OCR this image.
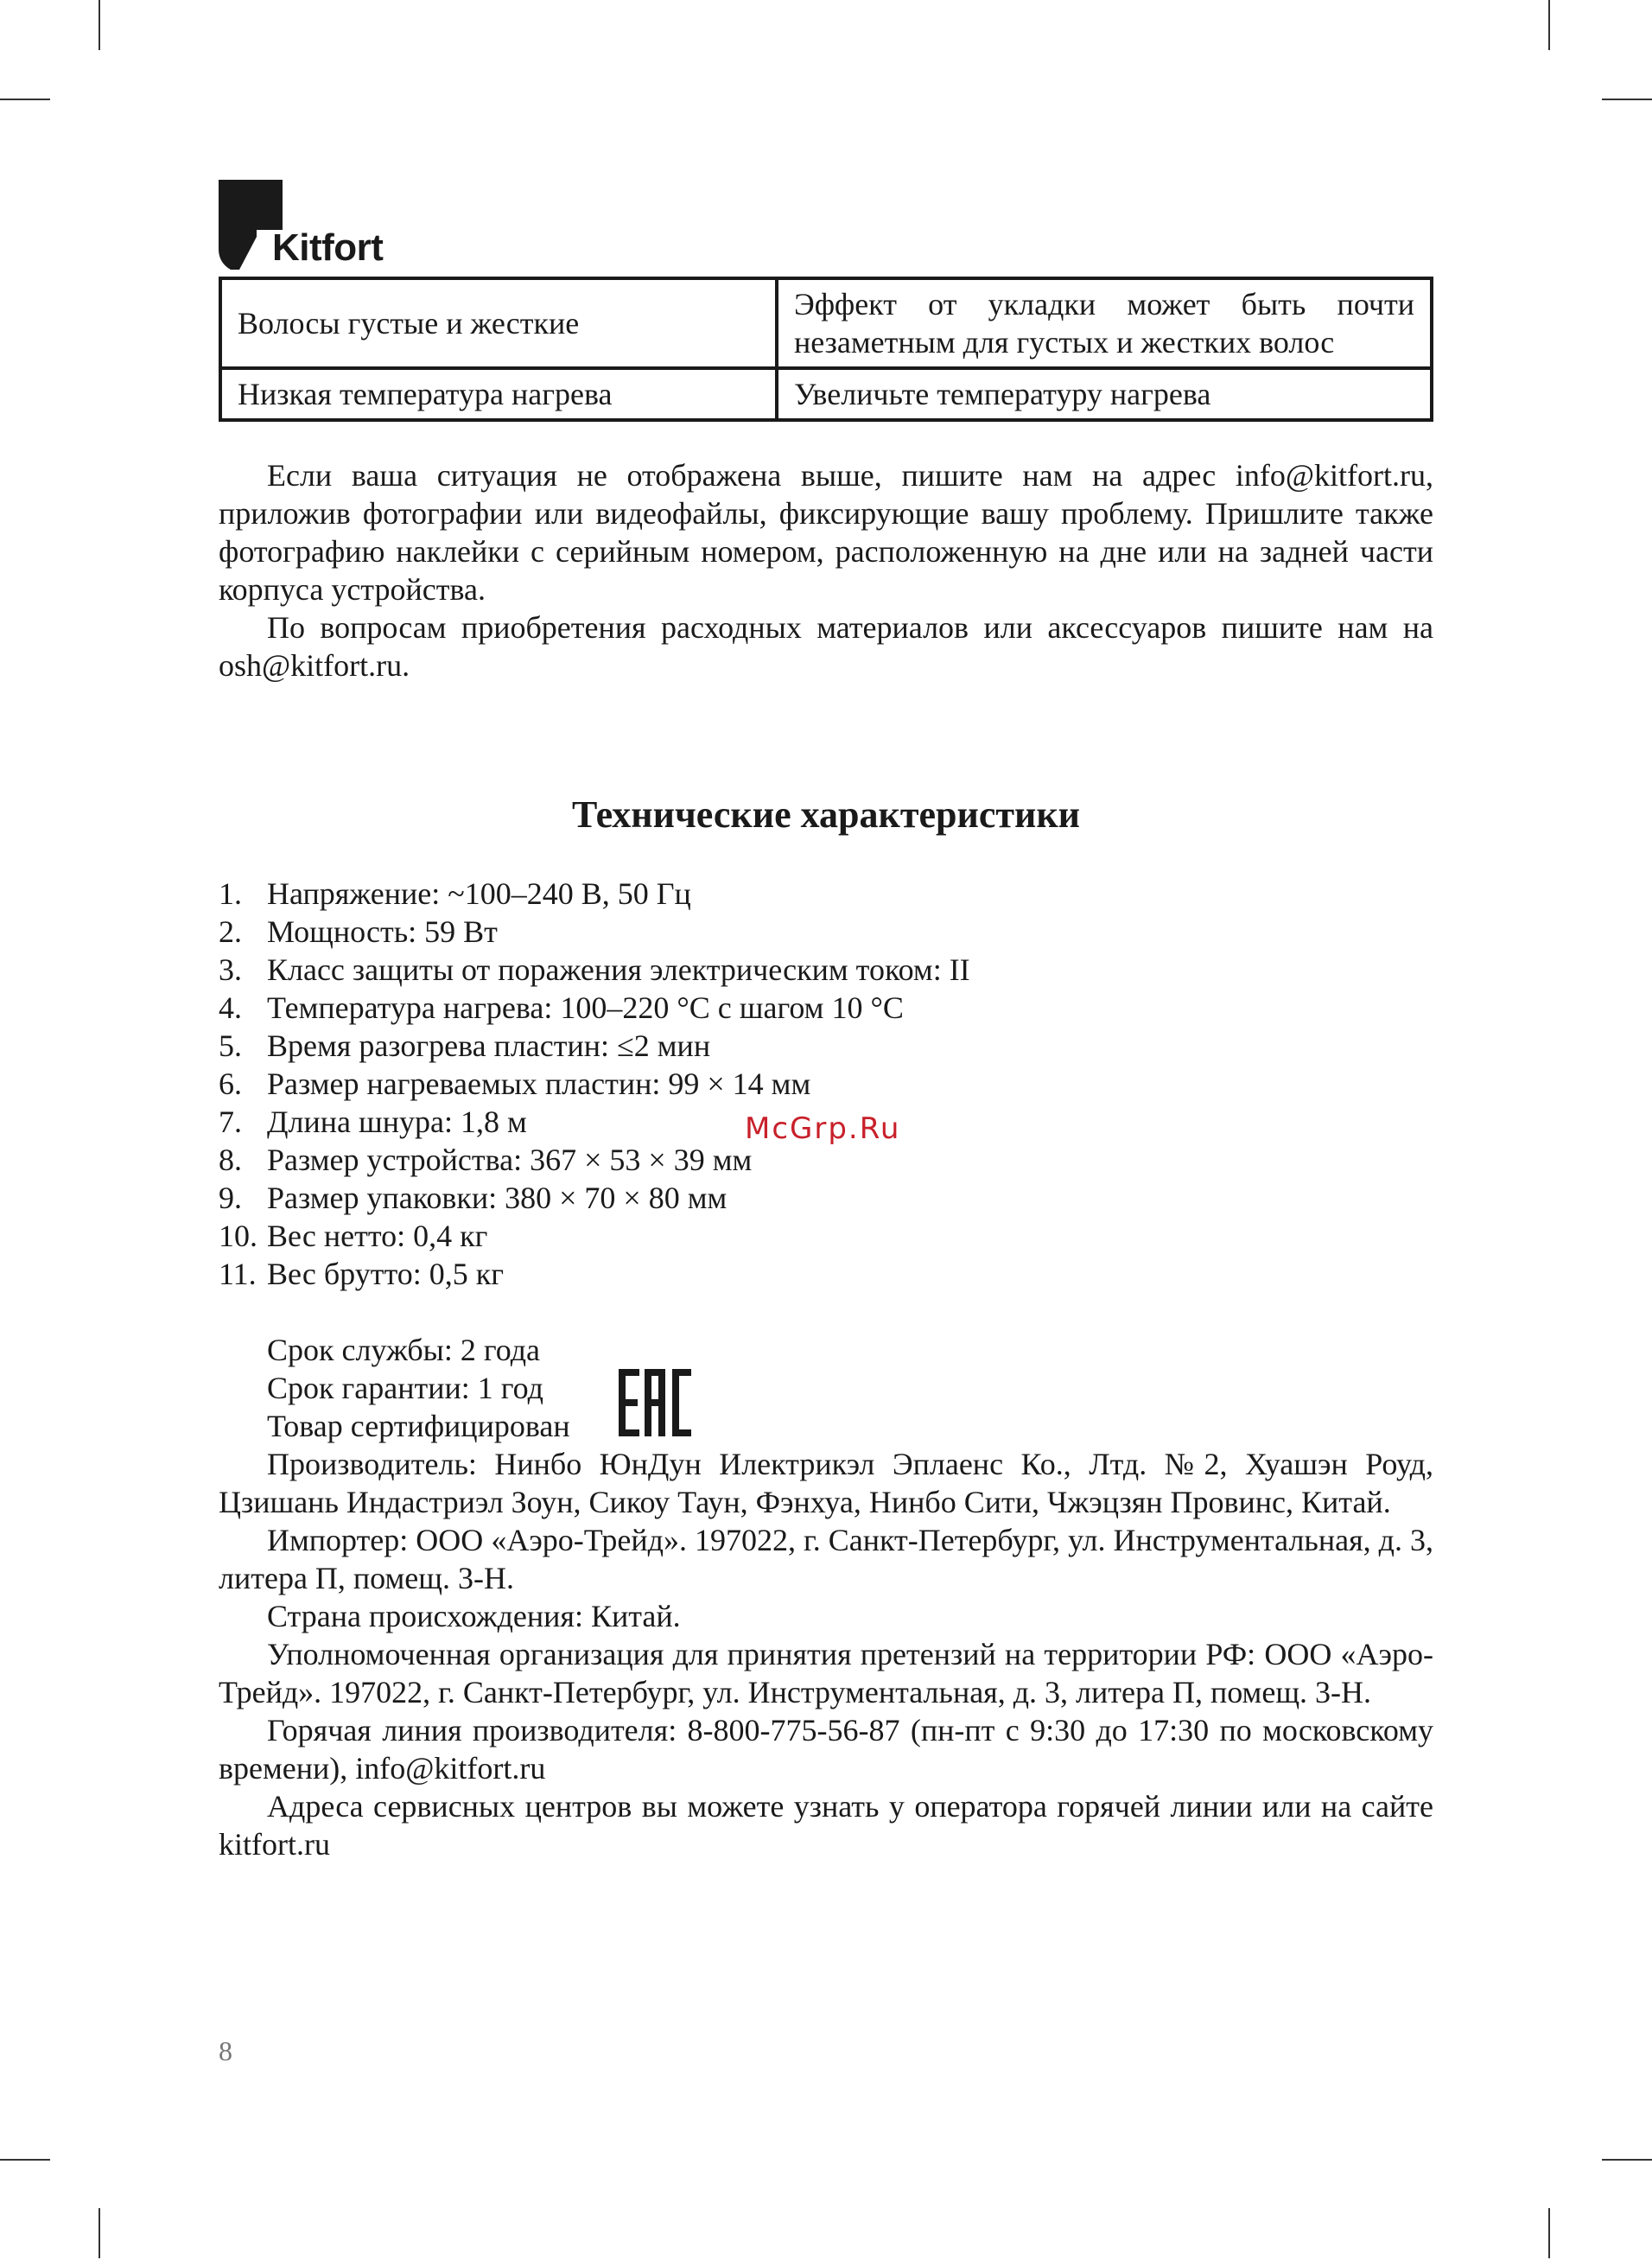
Kitfort
Волосы густые и жесткие	Эффект от укладки может быть почти незаметным для густых и жестких волос
Низкая температура нагрева	Увеличьте температуру нагрева

Если ваша ситуация не отображена выше, пишите нам на адрес info@kitfort.ru, приложив фотографии или видеофайлы, фиксирующие вашу проблему. Пришлите также фотографию наклейки с серийным номером, расположенную на дне или на задней части корпуса устройства.

По вопросам приобретения расходных материалов или аксессуаров пишите нам на osh@kitfort.ru.

Технические характеристики
1. Напряжение: ~100–240 В, 50 Гц
2. Мощность: 59 Вт
3. Класс защиты от поражения электрическим током: II
4. Температура нагрева: 100–220 °C с шагом 10 °C
5. Время разогрева пластин: ≤2 мин
6. Размер нагреваемых пластин: 99 × 14 мм
7. Длина шнура: 1,8 м
8. Размер устройства: 367 × 53 × 39 мм
9. Размер упаковки: 380 × 70 × 80 мм
10. Вес нетто: 0,4 кг
11. Вес брутто: 0,5 кг
McGrp.Ru
Срок службы: 2 года
Срок гарантии: 1 год
Товар сертифицирован

Производитель: Нинбо ЮнДун Илектрикэл Эплаенс Ко., Лтд. №2, Хуашэн Роуд, Цзишань Индастриэл Зоун, Сикоу Таун, Фэнхуа, Нинбо Сити, Чжэцзян Провинс, Китай.

Импортер: ООО «Аэро-Трейд». 197022, г. Санкт-Петербург, ул. Инструментальная, д. 3, литера П, помещ. 3-Н.

Страна происхождения: Китай.

Уполномоченная организация для принятия претензий на территории РФ: ООО «Аэро-Трейд». 197022, г. Санкт-Петербург, ул. Инструментальная, д. 3, литера П, помещ. 3-Н.

Горячая линия производителя: 8-800-775-56-87 (пн-пт с 9:30 до 17:30 по московскому времени), info@kitfort.ru

Адреса сервисных центров вы можете узнать у оператора горячей линии или на сайте kitfort.ru

8
